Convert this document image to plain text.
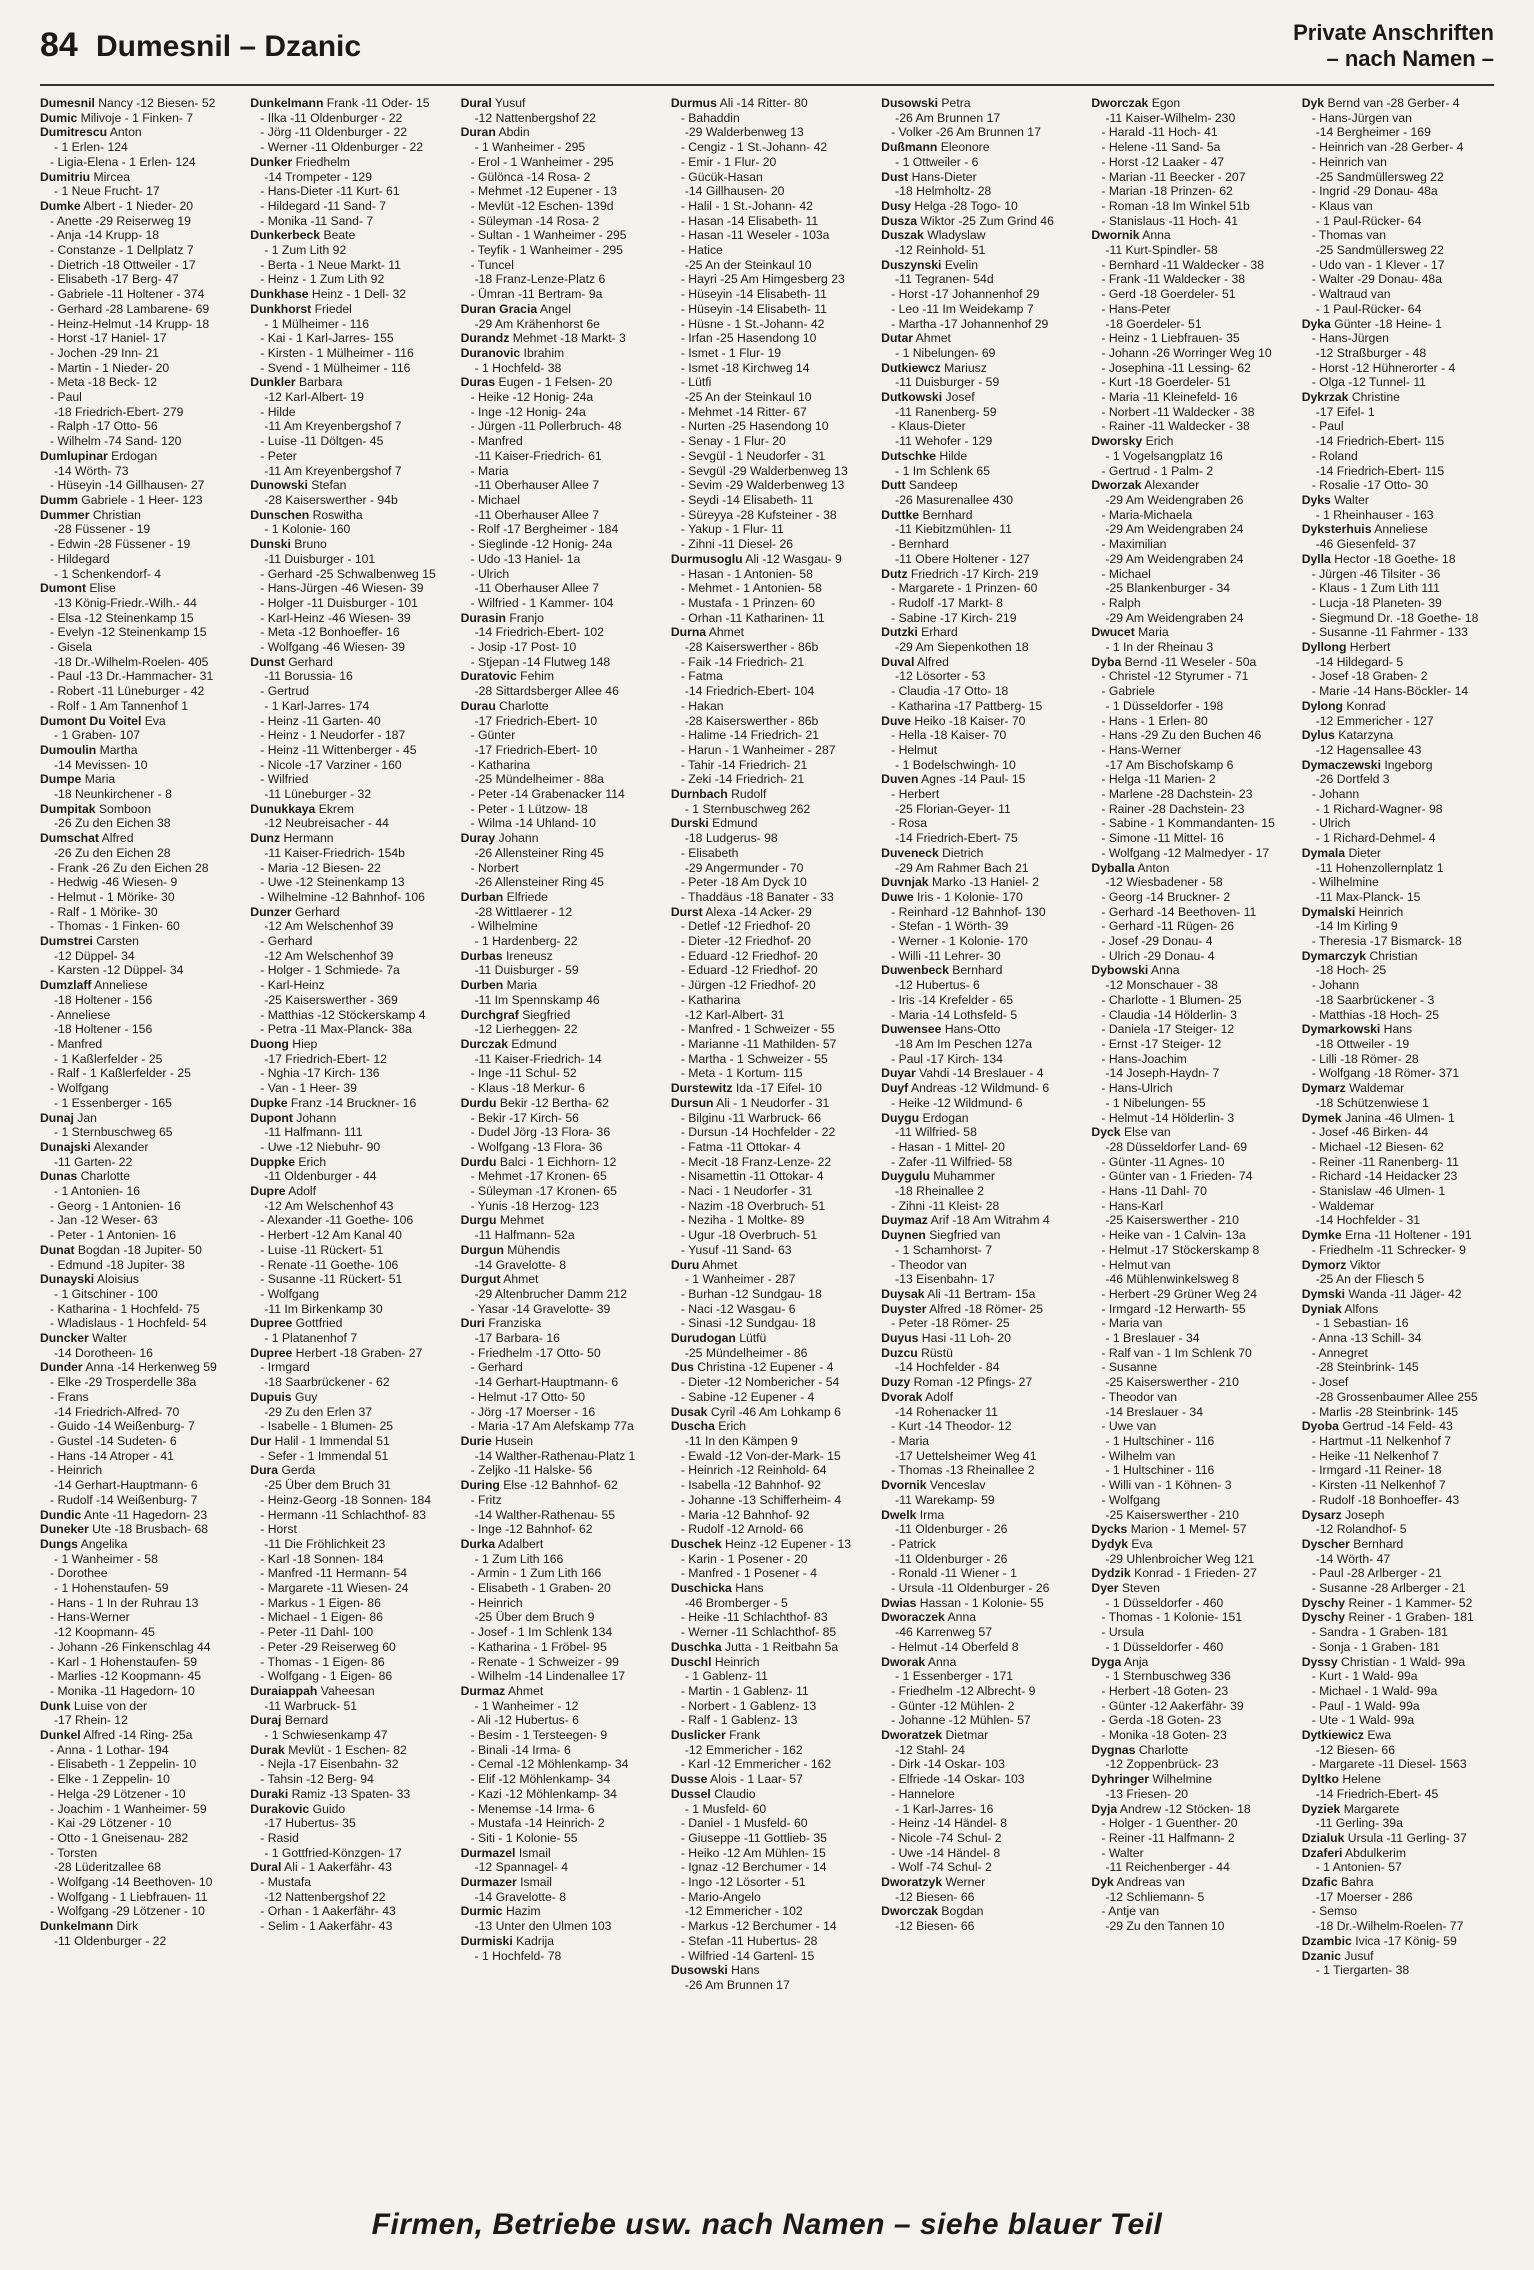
84 Dumesnil – Dzanic	Private Anschriften
– nach Namen –
Dumesnil Nancy -12 Biesen- 52
Dumic Milivoje - 1 Finken- 7
Dumitrescu Anton
- 1 Erlen- 124
- Ligia-Elena - 1 Erlen- 124
Dumitriu Mircea
- 1 Neue Frucht- 17
Dumke Albert - 1 Nieder- 20
- Anette -29 Reiserweg 19
- Anja -14 Krupp- 18
- Constanze - 1 Dellplatz 7
- Dietrich -18 Ottweiler - 17
- Elisabeth -17 Berg- 47
- Gabriele -11 Holtener - 374
- Gerhard -28 Lambarene- 69
- Heinz-Helmut -14 Krupp- 18
- Horst -17 Haniel- 17
- Jochen -29 Inn- 21
- Martin - 1 Nieder- 20
- Meta -18 Beck- 12
- Paul
-18 Friedrich-Ebert- 279
- Ralph -17 Otto- 56
- Wilhelm -74 Sand- 120
Dumlupinar Erdogan
-14 Wörth- 73
- Hüseyin -14 Gillhausen- 27
Dumm Gabriele - 1 Heer- 123
Dummer Christian
-28 Füssener - 19
- Edwin -28 Füssener - 19
- Hildegard
- 1 Schenkendorf- 4
Dumont Elise
-13 König-Friedr.-Wilh.- 44
- Elsa -12 Steinenkamp 15
- Evelyn -12 Steinenkamp 15
- Gisela
-18 Dr.-Wilhelm-Roelen- 405
- Paul -13 Dr.-Hammacher- 31
- Robert -11 Lüneburger - 42
- Rolf - 1 Am Tannenhof 1
Dumont Du Voitel Eva
- 1 Graben- 107
Dumoulin Martha
-14 Mevissen- 10
Dumpe Maria
-18 Neunkirchener - 8
Dumpitak Somboon
-26 Zu den Eichen 38
Dumschat Alfred
-26 Zu den Eichen 28
- Frank -26 Zu den Eichen 28
- Hedwig -46 Wiesen- 9
- Helmut - 1 Mörike- 30
- Ralf - 1 Mörike- 30
- Thomas - 1 Finken- 60
Dumstrei Carsten
-12 Düppel- 34
- Karsten -12 Düppel- 34
Dumzlaff Anneliese
-18 Holtener - 156
- Anneliese
-18 Holtener - 156
- Manfred
- 1 Kaßlerfelder - 25
- Ralf - 1 Kaßlerfelder - 25
- Wolfgang
- 1 Essenberger - 165
Dunaj Jan
- 1 Sternbuschweg 65
Dunajski Alexander
-11 Garten- 22
Dunas Charlotte
- 1 Antonien- 16
- Georg - 1 Antonien- 16
- Jan -12 Weser- 63
- Peter - 1 Antonien- 16
Dunat Bogdan -18 Jupiter- 50
- Edmund -18 Jupiter- 38
Dunayski Aloisius
- 1 Gitschiner - 100
- Katharina - 1 Hochfeld- 75
- Wladislaus - 1 Hochfeld- 54
Duncker Walter
-14 Dorotheen- 16
Dunder Anna -14 Herkenweg 59
- Elke -29 Trosperdelle 38a
- Frans
-14 Friedrich-Alfred- 70
- Guido -14 Weißenburg- 7
- Gustel -14 Sudeten- 6
- Hans -14 Atroper - 41
- Heinrich
-14 Gerhart-Hauptmann- 6
- Rudolf -14 Weißenburg- 7
Dundic Ante -11 Hagedorn- 23
Duneker Ute -18 Brusbach- 68
Dungs Angelika
- 1 Wanheimer - 58
- Dorothee
- 1 Hohenstaufen- 59
- Hans - 1 In der Ruhrau 13
- Hans-Werner
-12 Koopmann- 45
- Johann -26 Finkenschlag 44
- Karl - 1 Hohenstaufen- 59
- Marlies -12 Koopmann- 45
- Monika -11 Hagedorn- 10
Dunk Luise von der
-17 Rhein- 12
Dunkel Alfred -14 Ring- 25a
- Anna - 1 Lothar- 194
- Elisabeth - 1 Zeppelin- 10
- Elke - 1 Zeppelin- 10
- Helga -29 Lötzener - 10
- Joachim - 1 Wanheimer- 59
- Kai -29 Lötzener - 10
- Otto - 1 Gneisenau- 282
- Torsten
-28 Lüderitzallee 68
- Wolfgang -14 Beethoven- 10
- Wolfgang - 1 Liebfrauen- 11
- Wolfgang -29 Lötzener - 10
Dunkelmann Dirk
-11 Oldenburger - 22
Dunkelmann Frank -11 Oder- 15
- Ilka -11 Oldenburger - 22
- Jörg -11 Oldenburger - 22
- Werner -11 Oldenburger - 22
Dunker Friedhelm
-14 Trompeter - 129
- Hans-Dieter -11 Kurt- 61
- Hildegard -11 Sand- 7
- Monika -11 Sand- 7
Dunkerbeck Beate
- 1 Zum Lith 92
- Berta - 1 Neue Markt- 11
- Heinz - 1 Zum Lith 92
Dunkhase Heinz - 1 Dell- 32
Dunkhorst Friedel
- 1 Mülheimer - 116
- Kai - 1 Karl-Jarres- 155
- Kirsten - 1 Mülheimer - 116
- Svend - 1 Mülheimer - 116
Dunkler Barbara
-12 Karl-Albert- 19
- Hilde
-11 Am Kreyenbergshof 7
- Luise -11 Döltgen- 45
- Peter
-11 Am Kreyenbergshof 7
Dunowski Stefan
-28 Kaiserswerther - 94b
Dunschen Roswitha
- 1 Kolonie- 160
Dunski Bruno
-11 Duisburger - 101
- Gerhard -25 Schwalbenweg 15
- Hans-Jürgen -46 Wiesen- 39
- Holger -11 Duisburger - 101
- Karl-Heinz -46 Wiesen- 39
- Meta -12 Bonhoeffer- 16
- Wolfgang -46 Wiesen- 39
Dunst Gerhard
-11 Borussia- 16
- Gertrud
- 1 Karl-Jarres- 174
- Heinz -11 Garten- 40
- Heinz - 1 Neudorfer - 187
- Heinz -11 Wittenberger - 45
- Nicole -17 Varziner - 160
- Wilfried
-11 Lüneburger - 32
Dunukkaya Ekrem
-12 Neubreisacher - 44
Dunz Hermann
-11 Kaiser-Friedrich- 154b
- Maria -12 Biesen- 22
- Uwe -12 Steinenkamp 13
- Wilhelmine -12 Bahnhof- 106
Dunzer Gerhard
-12 Am Welschenhof 39
- Gerhard
-12 Am Welschenhof 39
- Holger - 1 Schmiede- 7a
- Karl-Heinz
-25 Kaiserswerther - 369
- Matthias -12 Stöckerskamp 4
- Petra -11 Max-Planck- 38a
Duong Hiep
-17 Friedrich-Ebert- 12
- Nghia -17 Kirch- 136
- Van - 1 Heer- 39
Dupke Franz -14 Bruckner- 16
Dupont Johann
-11 Halfmann- 111
- Uwe -12 Niebuhr- 90
Duppke Erich
-11 Oldenburger - 44
Dupre Adolf
-12 Am Welschenhof 43
- Alexander -11 Goethe- 106
- Herbert -12 Am Kanal 40
- Luise -11 Rückert- 51
- Renate -11 Goethe- 106
- Susanne -11 Rückert- 51
- Wolfgang
-11 Im Birkenkamp 30
Dupree Gottfried
- 1 Platanenhof 7
Dupree Herbert -18 Graben- 27
- Irmgard
-18 Saarbrückener - 62
Dupuis Guy
-29 Zu den Erlen 37
- Isabelle - 1 Blumen- 25
Dur Halil - 1 Immendal 51
- Sefer - 1 Immendal 51
Dura Gerda
-25 Über dem Bruch 31
- Heinz-Georg -18 Sonnen- 184
- Hermann -11 Schlachthof- 83
- Horst
-11 Die Fröhlichkeit 23
- Karl -18 Sonnen- 184
- Manfred -11 Hermann- 54
- Margarete -11 Wiesen- 24
- Markus - 1 Eigen- 86
- Michael - 1 Eigen- 86
- Peter -11 Dahl- 100
- Peter -29 Reiserweg 60
- Thomas - 1 Eigen- 86
- Wolfgang - 1 Eigen- 86
Duraiappah Vaheesan
-11 Warbruck- 51
Duraj Bernard
- 1 Schwiesenkamp 47
Durak Mevlüt - 1 Eschen- 82
- Nejla -17 Eisenbahn- 32
- Tahsin -12 Berg- 94
Duraki Ramiz -13 Spaten- 33
Durakovic Guido
-17 Hubertus- 35
- Rasid
- 1 Gottfried-Könzgen- 17
Dural Ali - 1 Aakerfähr- 43
- Mustafa
-12 Nattenbergshof 22
- Orhan - 1 Aakerfähr- 43
- Selim - 1 Aakerfähr- 43
Dural Yusuf
-12 Nattenbergshof 22
Duran Abdin
- 1 Wanheimer - 295
- Erol - 1 Wanheimer - 295
- Gülönca -14 Rosa- 2
- Mehmet -12 Eupener - 13
- Mevlüt -12 Eschen- 139d
- Süleyman -14 Rosa- 2
- Sultan - 1 Wanheimer - 295
- Teyfik - 1 Wanheimer - 295
- Tuncel
-18 Franz-Lenze-Platz 6
- Ümran -11 Bertram- 9a
Duran Gracia Angel
-29 Am Krähenhorst 6e
Durandz Mehmet -18 Markt- 3
Duranovic Ibrahim
- 1 Hochfeld- 38
Duras Eugen - 1 Felsen- 20
- Heike -12 Honig- 24a
- Inge -12 Honig- 24a
- Jürgen -11 Pollerbruch- 48
- Manfred
-11 Kaiser-Friedrich- 61
- Maria
-11 Oberhauser Allee 7
- Michael
-11 Oberhauser Allee 7
- Rolf -17 Bergheimer - 184
- Sieglinde -12 Honig- 24a
- Udo -13 Haniel- 1a
- Ulrich
-11 Oberhauser Allee 7
- Wilfried - 1 Kammer- 104
Durasin Franjo
-14 Friedrich-Ebert- 102
- Josip -17 Post- 10
- Stjepan -14 Flutweg 148
Duratovic Fehim
-28 Sittardsberger Allee 46
Durau Charlotte
-17 Friedrich-Ebert- 10
- Günter
-17 Friedrich-Ebert- 10
- Katharina
-25 Mündelheimer - 88a
- Peter -14 Grabenacker 114
- Peter - 1 Lützow- 18
- Wilma -14 Uhland- 10
Duray Johann
-26 Allensteiner Ring 45
- Norbert
-26 Allensteiner Ring 45
Durban Elfriede
-28 Wittlaerer - 12
- Wilhelmine
- 1 Hardenberg- 22
Durbas Ireneusz
-11 Duisburger - 59
Durben Maria
-11 Im Spennskamp 46
Durchgraf Siegfried
-12 Lierheggen- 22
Durczak Edmund
-11 Kaiser-Friedrich- 14
- Inge -11 Schul- 52
- Klaus -18 Merkur- 6
Durdu Bekir -12 Bertha- 62
- Bekir -17 Kirch- 56
- Dudel Jörg -13 Flora- 36
- Wolfgang -13 Flora- 36
Durdu Balci - 1 Eichhorn- 12
- Mehmet -17 Kronen- 65
- Süleyman -17 Kronen- 65
- Yunis -18 Herzog- 123
Durgu Mehmet
-11 Halfmann- 52a
Durgun Mühendis
-14 Gravelotte- 8
Durgut Ahmet
-29 Altenbrucher Damm 212
- Yasar -14 Gravelotte- 39
Duri Franziska
-17 Barbara- 16
- Friedhelm -17 Otto- 50
- Gerhard
-14 Gerhart-Hauptmann- 6
- Helmut -17 Otto- 50
- Jörg -17 Moerser - 16
- Maria -17 Am Alefskamp 77a
Durie Husein
-14 Walther-Rathenau-Platz 1
- Zeljko -11 Halske- 56
During Else -12 Bahnhof- 62
- Fritz
-14 Walther-Rathenau- 55
- Inge -12 Bahnhof- 62
Durka Adalbert
- 1 Zum Lith 166
- Armin - 1 Zum Lith 166
- Elisabeth - 1 Graben- 20
- Heinrich
-25 Über dem Bruch 9
- Josef - 1 Im Schlenk 134
- Katharina - 1 Fröbel- 95
- Renate - 1 Schweizer - 99
- Wilhelm -14 Lindenallee 17
Durmaz Ahmet
- 1 Wanheimer - 12
- Ali -12 Hubertus- 6
- Besim - 1 Tersteegen- 9
- Binali -14 Irma- 6
- Cemal -12 Möhlenkamp- 34
- Elif -12 Möhlenkamp- 34
- Kazi -12 Möhlenkamp- 34
- Menemse -14 Irma- 6
- Mustafa -14 Heinrich- 2
- Siti - 1 Kolonie- 55
Durmazel Ismail
-12 Spannagel- 4
Durmazer Ismail
-14 Gravelotte- 8
Durmic Hazim
-13 Unter den Ulmen 103
Durmiski Kadrija
- 1 Hochfeld- 78
Durmus Ali -14 Ritter- 80
- Bahaddin
-29 Walderbenweg 13
- Cengiz - 1 St.-Johann- 42
- Emir - 1 Flur- 20
- Gücük-Hasan
-14 Gillhausen- 20
- Halil - 1 St.-Johann- 42
- Hasan -14 Elisabeth- 11
- Hasan -11 Weseler - 103a
- Hatice
-25 An der Steinkaul 10
- Hayri -25 Am Himgesberg 23
- Hüseyin -14 Elisabeth- 11
- Hüseyin -14 Elisabeth- 11
- Hüsne - 1 St.-Johann- 42
- Irfan -25 Hasendong 10
- Ismet - 1 Flur- 19
- Ismet -18 Kirchweg 14
- Lütfi
-25 An der Steinkaul 10
- Mehmet -14 Ritter- 67
- Nurten -25 Hasendong 10
- Senay - 1 Flur- 20
- Sevgül - 1 Neudorfer - 31
- Sevgül -29 Walderbenweg 13
- Sevim -29 Walderbenweg 13
- Seydi -14 Elisabeth- 11
- Süreyya -28 Kufsteiner - 38
- Yakup - 1 Flur- 11
- Zihni -11 Diesel- 26
Durmusoglu Ali -12 Wasgau- 9
- Hasan - 1 Antonien- 58
- Mehmet - 1 Antonien- 58
- Mustafa - 1 Prinzen- 60
- Orhan -11 Katharinen- 11
Durna Ahmet
-28 Kaiserswerther - 86b
- Faik -14 Friedrich- 21
- Fatma
-14 Friedrich-Ebert- 104
- Hakan
-28 Kaiserswerther - 86b
- Halime -14 Friedrich- 21
- Harun - 1 Wanheimer - 287
- Tahir -14 Friedrich- 21
- Zeki -14 Friedrich- 21
Durnbach Rudolf
- 1 Sternbuschweg 262
Durski Edmund
-18 Ludgerus- 98
- Elisabeth
-29 Angermunder - 70
- Peter -18 Am Dyck 10
- Thaddäus -18 Banater - 33
Durst Alexa -14 Acker- 29
- Detlef -12 Friedhof- 20
- Dieter -12 Friedhof- 20
- Eduard -12 Friedhof- 20
- Eduard -12 Friedhof- 20
- Jürgen -12 Friedhof- 20
- Katharina
-12 Karl-Albert- 31
- Manfred - 1 Schweizer - 55
- Marianne -11 Mathilden- 57
- Martha - 1 Schweizer - 55
- Meta - 1 Kortum- 115
Durstewitz Ida -17 Eifel- 10
Dursun Ali - 1 Neudorfer - 31
- Bilginu -11 Warbruck- 66
- Dursun -14 Hochfelder - 22
- Fatma -11 Ottokar- 4
- Mecit -18 Franz-Lenze- 22
- Nisamettin -11 Ottokar- 4
- Naci - 1 Neudorfer - 31
- Nazim -18 Overbruch- 51
- Neziha - 1 Moltke- 89
- Ugur -18 Overbruch- 51
- Yusuf -11 Sand- 63
Duru Ahmet
- 1 Wanheimer - 287
- Burhan -12 Sundgau- 18
- Naci -12 Wasgau- 6
- Sinasi -12 Sundgau- 18
Durudogan Lütfü
-25 Mündelheimer - 86
Dus Christina -12 Eupener - 4
- Dieter -12 Nombericher - 54
- Sabine -12 Eupener - 4
Dusak Cyril -46 Am Lohkamp 6
Duscha Erich
-11 In den Kämpen 9
- Ewald -12 Von-der-Mark- 15
- Heinrich -12 Reinhold- 64
- Isabella -12 Bahnhof- 92
- Johanne -13 Schifferheim- 4
- Maria -12 Bahnhof- 92
- Rudolf -12 Arnold- 66
Duschek Heinz -12 Eupener - 13
- Karin - 1 Posener - 20
- Manfred - 1 Posener - 4
Duschicka Hans
-46 Bromberger - 5
- Heike -11 Schlachthof- 83
- Werner -11 Schlachthof- 85
Duschka Jutta - 1 Reitbahn 5a
Duschl Heinrich
- 1 Gablenz- 11
- Martin - 1 Gablenz- 11
- Norbert - 1 Gablenz- 13
- Ralf - 1 Gablenz- 13
Duslicker Frank
-12 Emmericher - 162
- Karl -12 Emmericher - 162
Dusse Alois - 1 Laar- 57
Dussel Claudio
- 1 Musfeld- 60
- Daniel - 1 Musfeld- 60
- Giuseppe -11 Gottlieb- 35
- Heiko -12 Am Mühlen- 15
- Ignaz -12 Berchumer - 14
- Ingo -12 Lösorter - 51
- Mario-Angelo
-12 Emmericher - 102
- Markus -12 Berchumer - 14
- Stefan -11 Hubertus- 28
- Wilfried -14 Gartenl- 15
Dusowski Hans
-26 Am Brunnen 17
Dusowski Petra
-26 Am Brunnen 17
- Volker -26 Am Brunnen 17
Dußmann Eleonore
- 1 Ottweiler - 6
Dust Hans-Dieter
-18 Helmholtz- 28
Dusy Helga -28 Togo- 10
Dusza Wiktor -25 Zum Grind 46
Duszak Wladyslaw
-12 Reinhold- 51
Duszynski Evelin
-11 Tegranen- 54d
- Horst -17 Johannenhof 29
- Leo -11 Im Weidekamp 7
- Martha -17 Johannenhof 29
Dutar Ahmet
- 1 Nibelungen- 69
Dutkiewcz Mariusz
-11 Duisburger - 59
Dutkowski Josef
-11 Ranenberg- 59
- Klaus-Dieter
-11 Wehofer - 129
Dutschke Hilde
- 1 Im Schlenk 65
Dutt Sandeep
-26 Masurenallee 430
Duttke Bernhard
-11 Kiebitzmühlen- 11
- Bernhard
-11 Obere Holtener - 127
Dutz Friedrich -17 Kirch- 219
- Margarete - 1 Prinzen- 60
- Rudolf -17 Markt- 8
- Sabine -17 Kirch- 219
Dutzki Erhard
-29 Am Siepenkothen 18
Duval Alfred
-12 Lösorter - 53
- Claudia -17 Otto- 18
- Katharina -17 Pattberg- 15
Duve Heiko -18 Kaiser- 70
- Hella -18 Kaiser- 70
- Helmut
- 1 Bodelschwingh- 10
Duven Agnes -14 Paul- 15
- Herbert
-25 Florian-Geyer- 11
- Rosa
-14 Friedrich-Ebert- 75
Duveneck Dietrich
-29 Am Rahmer Bach 21
Duvnjak Marko -13 Haniel- 2
Duwe Iris - 1 Kolonie- 170
- Reinhard -12 Bahnhof- 130
- Stefan - 1 Wörth- 39
- Werner - 1 Kolonie- 170
- Willi -11 Lehrer- 30
Duwenbeck Bernhard
-12 Hubertus- 6
- Iris -14 Krefelder - 65
- Maria -14 Lothsfeld- 5
Duwensee Hans-Otto
-18 Am Im Peschen 127a
- Paul -17 Kirch- 134
Duyar Vahdi -14 Breslauer - 4
Duyf Andreas -12 Wildmund- 6
- Heike -12 Wildmund- 6
Duygu Erdogan
-11 Wilfried- 58
- Hasan - 1 Mittel- 20
- Zafer -11 Wilfried- 58
Duygulu Muhammer
-18 Rheinallee 2
- Zihni -11 Kleist- 28
Duymaz Arif -18 Am Witrahm 4
Duynen Siegfried van
- 1 Schamhorst- 7
- Theodor van
-13 Eisenbahn- 17
Duysak Ali -11 Bertram- 15a
Duyster Alfred -18 Römer- 25
- Peter -18 Römer- 25
Duyus Hasi -11 Loh- 20
Duzcu Rüstü
-14 Hochfelder - 84
Duzy Roman -12 Pfings- 27
Dvorak Adolf
-14 Rohenacker 11
- Kurt -14 Theodor- 12
- Maria
-17 Uettelsheimer Weg 41
- Thomas -13 Rheinallee 2
Dvornik Venceslav
-11 Warekamp- 59
Dwelk Irma
-11 Oldenburger - 26
- Patrick
-11 Oldenburger - 26
- Ronald -11 Wiener - 1
- Ursula -11 Oldenburger - 26
Dwias Hassan - 1 Kolonie- 55
Dworaczek Anna
-46 Karrenweg 57
- Helmut -14 Oberfeld 8
Dworak Anna
- 1 Essenberger - 171
- Friedhelm -12 Albrecht- 9
- Günter -12 Mühlen- 2
- Johanne -12 Mühlen- 57
Dworatzek Dietmar
-12 Stahl- 24
- Dirk -14 Oskar- 103
- Elfriede -14 Oskar- 103
- Hannelore
- 1 Karl-Jarres- 16
- Heinz -14 Händel- 8
- Nicole -74 Schul- 2
- Uwe -14 Händel- 8
- Wolf -74 Schul- 2
Dworatzyk Werner
-12 Biesen- 66
Dworczak Bogdan
-12 Biesen- 66
Dworczak Egon
-11 Kaiser-Wilhelm- 230
- Harald -11 Hoch- 41
- Helene -11 Sand- 5a
- Horst -12 Laaker - 47
- Marian -11 Beecker - 207
- Marian -18 Prinzen- 62
- Roman -18 Im Winkel 51b
- Stanislaus -11 Hoch- 41
Dwornik Anna
-11 Kurt-Spindler- 58
- Bernhard -11 Waldecker - 38
- Frank -11 Waldecker - 38
- Gerd -18 Goerdeler- 51
- Hans-Peter
-18 Goerdeler- 51
- Heinz - 1 Liebfrauen- 35
- Johann -26 Worringer Weg 10
- Josephina -11 Lessing- 62
- Kurt -18 Goerdeler- 51
- Maria -11 Kleinefeld- 16
- Norbert -11 Waldecker - 38
- Rainer -11 Waldecker - 38
Dworsky Erich
- 1 Vogelsangplatz 16
- Gertrud - 1 Palm- 2
Dworzak Alexander
-29 Am Weidengraben 26
- Maria-Michaela
-29 Am Weidengraben 24
- Maximilian
-29 Am Weidengraben 24
- Michael
-25 Blankenburger - 34
- Ralph
-29 Am Weidengraben 24
Dwucet Maria
- 1 In der Rheinau 3
Dyba Bernd -11 Weseler - 50a
- Christel -12 Styrumer - 71
- Gabriele
- 1 Düsseldorfer - 198
- Hans - 1 Erlen- 80
- Hans -29 Zu den Buchen 46
- Hans-Werner
-17 Am Bischofskamp 6
- Helga -11 Marien- 2
- Marlene -28 Dachstein- 23
- Rainer -28 Dachstein- 23
- Sabine - 1 Kommandanten- 15
- Simone -11 Mittel- 16
- Wolfgang -12 Malmedyer - 17
Dyballa Anton
-12 Wiesbadener - 58
- Georg -14 Bruckner- 2
- Gerhard -14 Beethoven- 11
- Gerhard -11 Rügen- 26
- Josef -29 Donau- 4
- Ulrich -29 Donau- 4
Dybowski Anna
-12 Monschauer - 38
- Charlotte - 1 Blumen- 25
- Claudia -14 Hölderlin- 3
- Daniela -17 Steiger- 12
- Ernst -17 Steiger- 12
- Hans-Joachim
-14 Joseph-Haydn- 7
- Hans-Ulrich
- 1 Nibelungen- 55
- Helmut -14 Hölderlin- 3
Dyck Else van
-28 Düsseldorfer Land- 69
- Günter -11 Agnes- 10
- Günter van - 1 Frieden- 74
- Hans -11 Dahl- 70
- Hans-Karl
-25 Kaiserswerther - 210
- Heike van - 1 Calvin- 13a
- Helmut -17 Stöckerskamp 8
- Helmut van
-46 Mühlenwinkelsweg 8
- Herbert -29 Grüner Weg 24
- Irmgard -12 Herwarth- 55
- Maria van
- 1 Breslauer - 34
- Ralf van - 1 Im Schlenk 70
- Susanne
-25 Kaiserswerther - 210
- Theodor van
-14 Breslauer - 34
- Uwe van
- 1 Hultschiner - 116
- Wilhelm van
- 1 Hultschiner - 116
- Willi van - 1 Köhnen- 3
- Wolfgang
-25 Kaiserswerther - 210
Dycks Marion - 1 Memel- 57
Dydyk Eva
-29 Uhlenbroicher Weg 121
Dydzik Konrad - 1 Frieden- 27
Dyer Steven
- 1 Düsseldorfer - 460
- Thomas - 1 Kolonie- 151
- Ursula
- 1 Düsseldorfer - 460
Dyga Anja
- 1 Sternbuschweg 336
- Herbert -18 Goten- 23
- Günter -12 Aakerfähr- 39
- Gerda -18 Goten- 23
- Monika -18 Goten- 23
Dygnas Charlotte
-12 Zoppenbrück- 23
Dyhringer Wilhelmine
-13 Friesen- 20
Dyja Andrew -12 Stöcken- 18
- Holger - 1 Guenther- 20
- Reiner -11 Halfmann- 2
- Walter
-11 Reichenberger - 44
Dyk Andreas van
-12 Schliemann- 5
- Antje van
-29 Zu den Tannen 10
Dyk Bernd van -28 Gerber- 4
- Hans-Jürgen van
-14 Bergheimer - 169
- Heinrich van -28 Gerber- 4
- Heinrich van
-25 Sandmüllersweg 22
- Ingrid -29 Donau- 48a
- Klaus van
- 1 Paul-Rücker- 64
- Thomas van
-25 Sandmüllersweg 22
- Udo van - 1 Klever - 17
- Walter -29 Donau- 48a
- Waltraud van
- 1 Paul-Rücker- 64
Dyka Günter -18 Heine- 1
- Hans-Jürgen
-12 Straßburger - 48
- Horst -12 Hühnerorter - 4
- Olga -12 Tunnel- 11
Dykrzak Christine
-17 Eifel- 1
- Paul
-14 Friedrich-Ebert- 115
- Roland
-14 Friedrich-Ebert- 115
- Rosalie -17 Otto- 30
Dyks Walter
- 1 Rheinhauser - 163
Dyksterhuis Anneliese
-46 Giesenfeld- 37
Dylla Hector -18 Goethe- 18
- Jürgen -46 Tilsiter - 36
- Klaus - 1 Zum Lith 111
- Lucja -18 Planeten- 39
- Siegmund Dr. -18 Goethe- 18
- Susanne -11 Fahrmer - 133
Dyllong Herbert
-14 Hildegard- 5
- Josef -18 Graben- 2
- Marie -14 Hans-Böckler- 14
Dylong Konrad
-12 Emmericher - 127
Dylus Katarzyna
-12 Hagensallee 43
Dymaczewski Ingeborg
-26 Dortfeld 3
- Johann
- 1 Richard-Wagner- 98
- Ulrich
- 1 Richard-Dehmel- 4
Dymala Dieter
-11 Hohenzollernplatz 1
- Wilhelmine
-11 Max-Planck- 15
Dymalski Heinrich
-14 Im Kirling 9
- Theresia -17 Bismarck- 18
Dymarczyk Christian
-18 Hoch- 25
- Johann
-18 Saarbrückener - 3
- Matthias -18 Hoch- 25
Dymarkowski Hans
-18 Ottweiler - 19
- Lilli -18 Römer- 28
- Wolfgang -18 Römer- 371
Dymarz Waldemar
-18 Schützenwiese 1
Dymek Janina -46 Ulmen- 1
- Josef -46 Birken- 44
- Michael -12 Biesen- 62
- Reiner -11 Ranenberg- 11
- Richard -14 Heidacker 23
- Stanislaw -46 Ulmen- 1
- Waldemar
-14 Hochfelder - 31
Dymke Erna -11 Holtener - 191
- Friedhelm -11 Schrecker- 9
Dymorz Viktor
-25 An der Fliesch 5
Dymski Wanda -11 Jäger- 42
Dyniak Alfons
- 1 Sebastian- 16
- Anna -13 Schill- 34
- Annegret
-28 Steinbrink- 145
- Josef
-28 Grossenbaumer Allee 255
- Marlis -28 Steinbrink- 145
Dyoba Gertrud -14 Feld- 43
- Hartmut -11 Nelkenhof 7
- Heike -11 Nelkenhof 7
- Irmgard -11 Reiner- 18
- Kirsten -11 Nelkenhof 7
- Rudolf -18 Bonhoeffer- 43
Dysarz Joseph
-12 Rolandhof- 5
Dyscher Bernhard
-14 Wörth- 47
- Paul -28 Arlberger - 21
- Susanne -28 Arlberger - 21
Dyschy Reiner - 1 Kammer- 52
Dyschy Reiner - 1 Graben- 181
- Sandra - 1 Graben- 181
- Sonja - 1 Graben- 181
Dyssy Christian - 1 Wald- 99a
- Kurt - 1 Wald- 99a
- Michael - 1 Wald- 99a
- Paul - 1 Wald- 99a
- Ute - 1 Wald- 99a
Dytkiewicz Ewa
-12 Biesen- 66
- Margarete -11 Diesel- 1563
Dyltko Helene
-14 Friedrich-Ebert- 45
Dyziek Margarete
-11 Gerling- 39a
Dzialuk Ursula -11 Gerling- 37
Dzaferi Abdulkerim
- 1 Antonien- 57
Dzafic Bahra
-17 Moerser - 286
- Semso
-18 Dr.-Wilhelm-Roelen- 77
Dzambic Ivica -17 König- 59
Dzanic Jusuf
- 1 Tiergarten- 38
Firmen, Betriebe usw. nach Namen – siehe blauer Teil
